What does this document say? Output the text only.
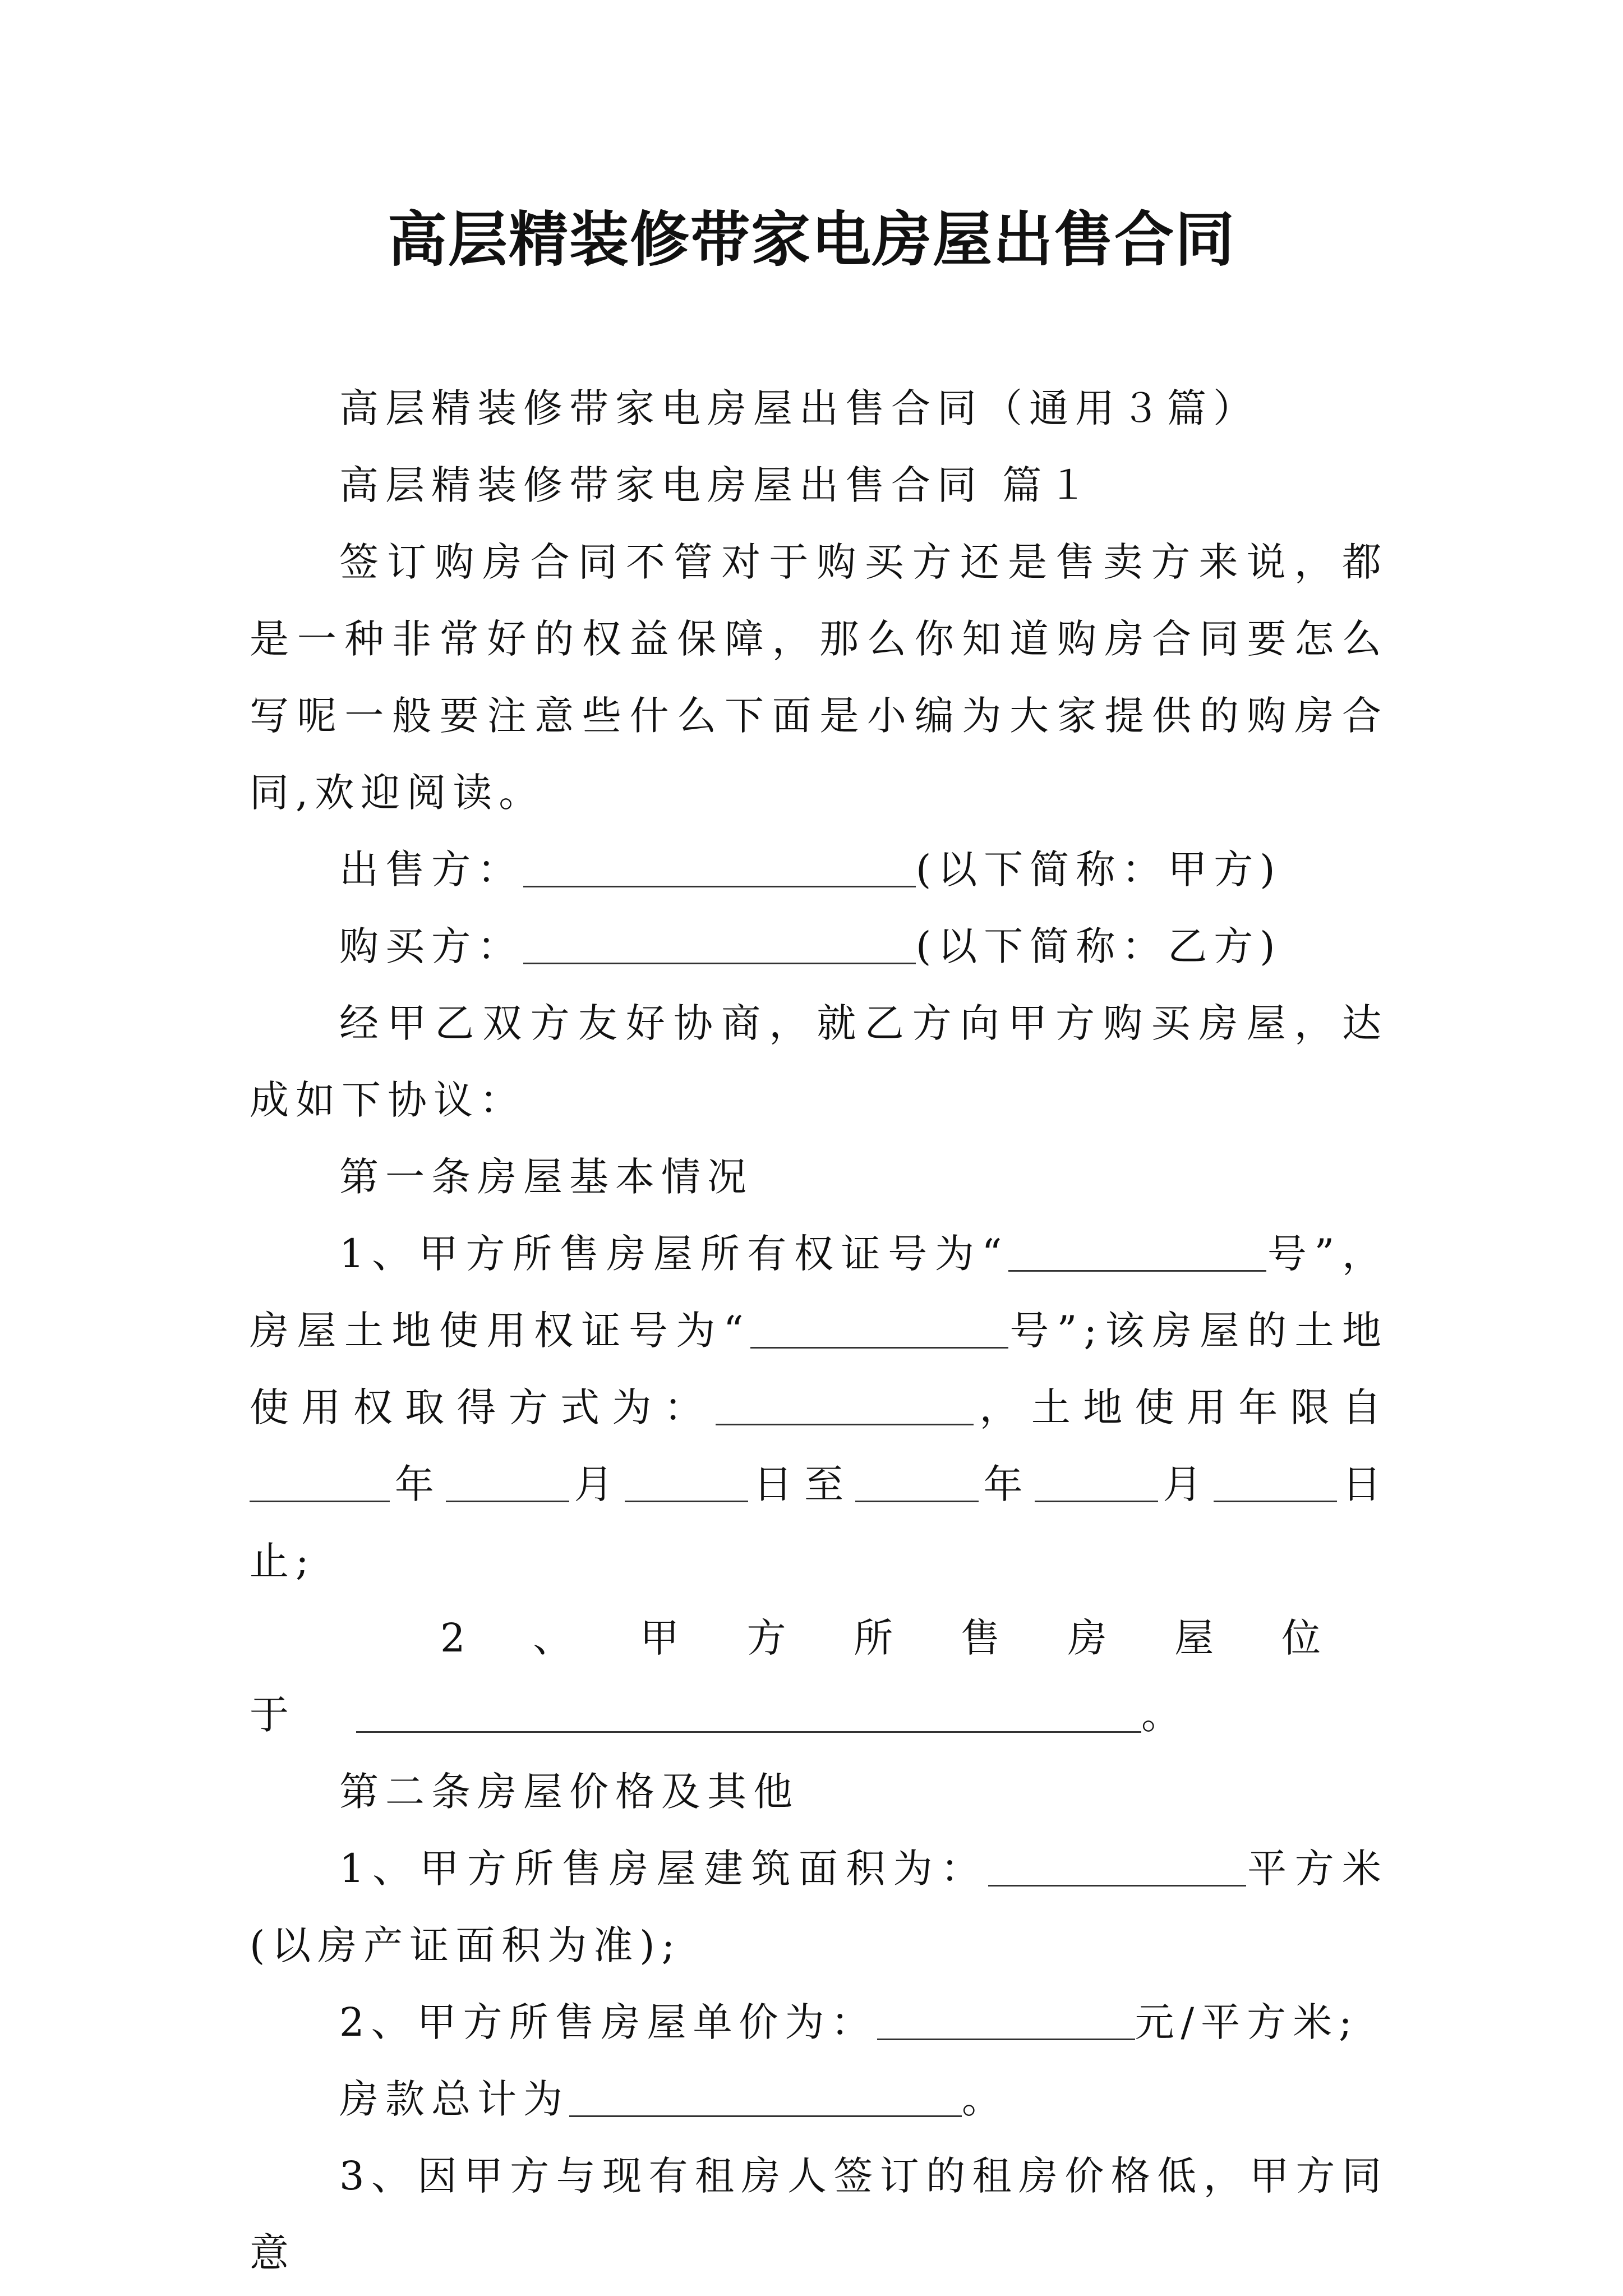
高层精装修带家电房屋出售合同

高层精装修带家电房屋出售合同（通用３篇）

高层精装修带家电房屋出售合同 篇１

签订购房合同不管对于购买方还是售卖方来说，都是一种非常好的权益保障，那么你知道购房合同要怎么写呢一般要注意些什么下面是小编为大家提供的购房合同,欢迎阅读。

出售方：	(以下简称：甲方)

购买方：	(以下简称：乙方)

经甲乙双方友好协商，就乙方向甲方购买房屋，达成如下协议：

第一条房屋基本情况

1、甲方所售房屋所有权证号为“	号”，房屋土地使用权证号为“	号”;该房屋的土地使用权取得方式为：	，土地使用年限自年	月	日至	年	月	日止;

2、甲方所售房屋位于	。

第二条房屋价格及其他

1、甲方所售房屋建筑面积为：	平方米(以房产证面积为准);

2、甲方所售房屋单价为：	元/平方米;

房款总计为	。

3、因甲方与现有租房人签订的租房价格低，甲方同意
